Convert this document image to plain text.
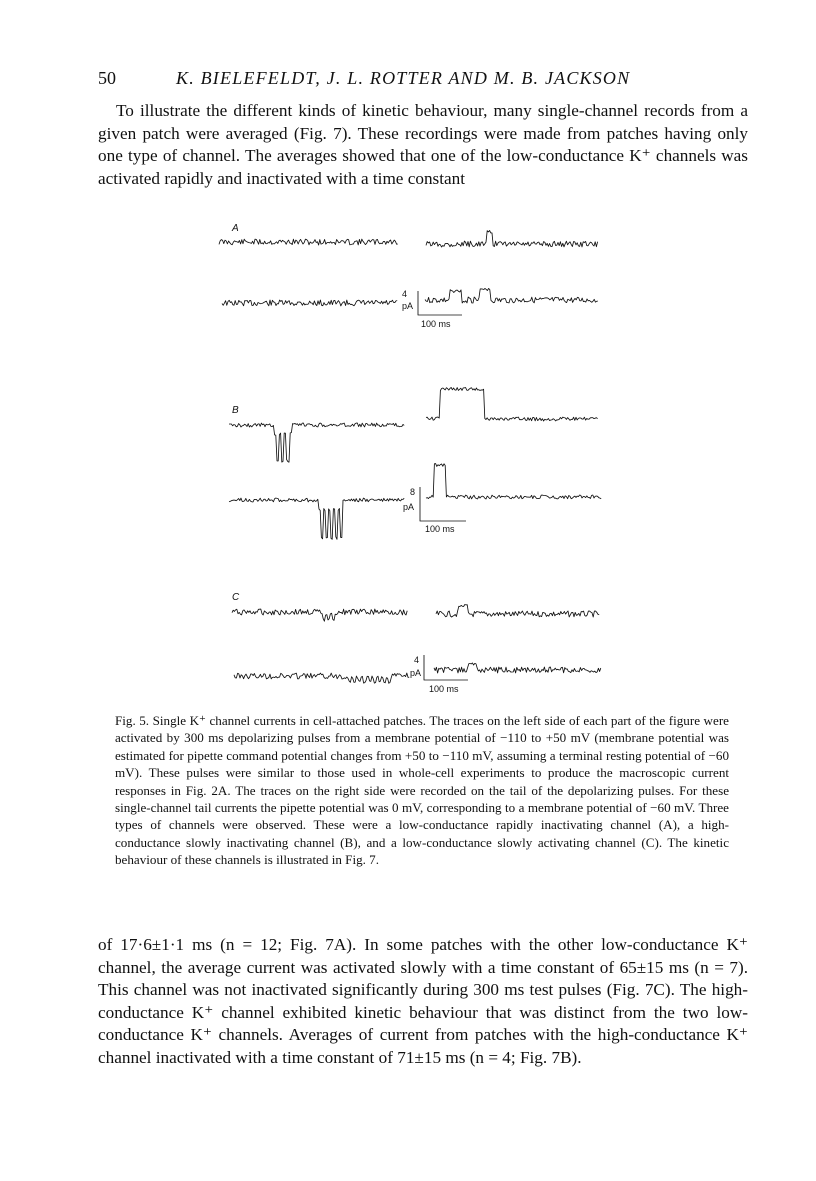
50	K. BIELEFELDT, J. L. ROTTER AND M. B. JACKSON

To illustrate the different kinds of kinetic behaviour, many single-channel records from a given patch were averaged (Fig. 7). These recordings were made from patches having only one type of channel. The averages showed that one of the low-conductance K⁺ channels was activated rapidly and inactivated with a time constant

A
4
pA
100 ms
B
8
pA
100 ms
C
4
pA
100 ms
Fig. 5. Single K⁺ channel currents in cell-attached patches. The traces on the left side of each part of the figure were activated by 300 ms depolarizing pulses from a membrane potential of −110 to +50 mV (membrane potential was estimated for pipette command potential changes from +50 to −110 mV, assuming a terminal resting potential of −60 mV). These pulses were similar to those used in whole-cell experiments to produce the macroscopic current responses in Fig. 2A. The traces on the right side were recorded on the tail of the depolarizing pulses. For these single-channel tail currents the pipette potential was 0 mV, corresponding to a membrane potential of −60 mV. Three types of channels were observed. These were a low-conductance rapidly inactivating channel (A), a high-conductance slowly inactivating channel (B), and a low-conductance slowly activating channel (C). The kinetic behaviour of these channels is illustrated in Fig. 7.

of 17·6±1·1 ms (n = 12; Fig. 7A). In some patches with the other low-conductance K⁺ channel, the average current was activated slowly with a time constant of 65±15 ms (n = 7). This channel was not inactivated significantly during 300 ms test pulses (Fig. 7C). The high-conductance K⁺ channel exhibited kinetic behaviour that was distinct from the two low-conductance K⁺ channels. Averages of current from patches with the high-conductance K⁺ channel inactivated with a time constant of 71±15 ms (n = 4; Fig. 7B).
